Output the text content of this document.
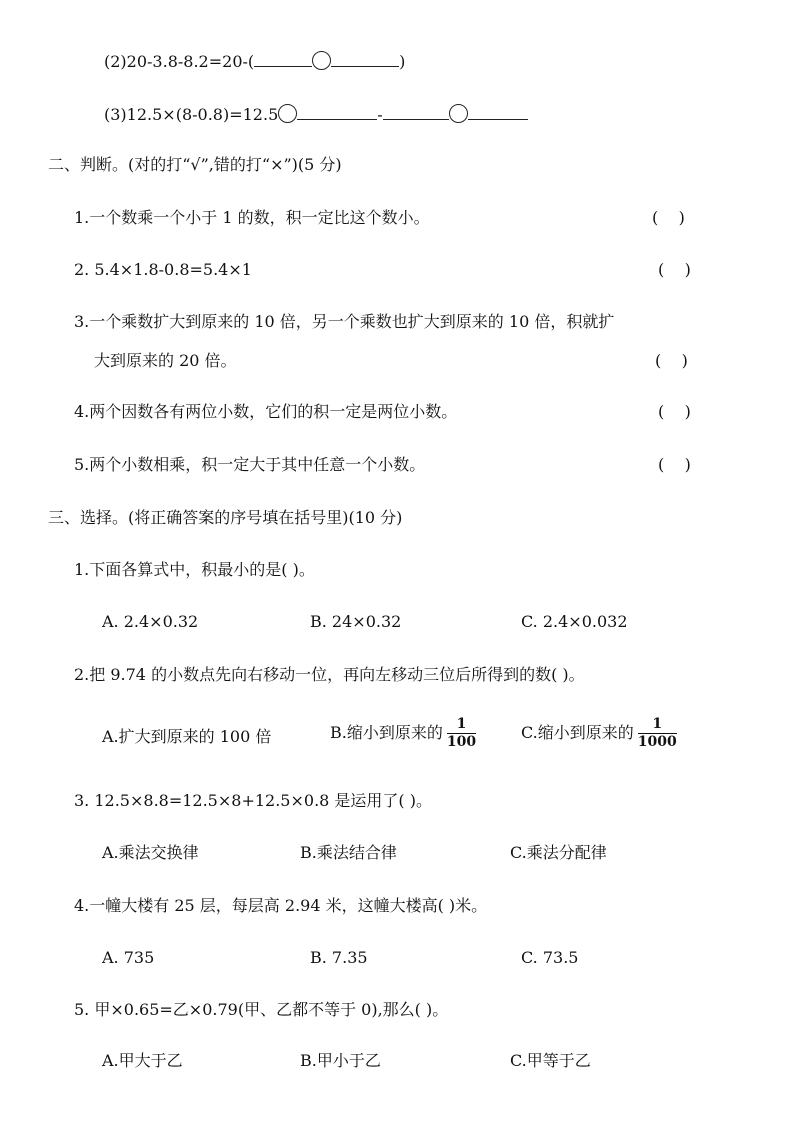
(2)20-3.8-8.2=20-(	)
(3)12.5×(8-0.8)=12.5	-
二、判断。(对的打“√”,错的打“×”)(5 分)
1.一个数乘一个小于 1 的数，积一定比这个数小。	(    )
2. 5.4×1.8-0.8=5.4×1	(    )
3.一个乘数扩大到原来的 10 倍，另一个乘数也扩大到原来的 10 倍，积就扩
大到原来的 20 倍。	(    )
4.两个因数各有两位小数，它们的积一定是两位小数。	(    )
5.两个小数相乘，积一定大于其中任意一个小数。	(    )
三、选择。(将正确答案的序号填在括号里)(10 分)
1.下面各算式中，积最小的是( )。
A. 2.4×0.32	B. 24×0.32	C. 2.4×0.032
2.把 9.74 的小数点先向右移动一位，再向左移动三位后所得到的数( )。
A.扩大到原来的 100 倍	B.缩小到原来的 $\frac{1}{100}$	C.缩小到原来的 $\frac{1}{1000}$
3. 12.5×8.8=12.5×8+12.5×0.8 是运用了( )。
A.乘法交换律	B.乘法结合律	C.乘法分配律
4.一幢大楼有 25 层，每层高 2.94 米，这幢大楼高( )米。
A. 735	B. 7.35	C. 73.5
5. 甲×0.65=乙×0.79(甲、乙都不等于 0),那么( )。
A.甲大于乙	B.甲小于乙	C.甲等于乙
